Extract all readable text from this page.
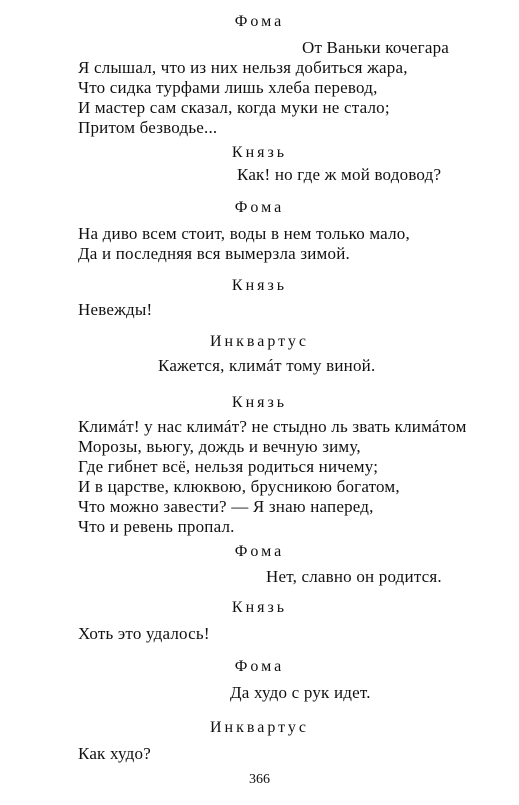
Фома
От Ваньки кочегара
Я слышал, что из них нельзя добиться жара,
Что сидка турфами лишь хлеба перевод,
И мастер сам сказал, когда муки не стало;
Притом безводье...
Князь
Как! но где ж мой водовод?
Фома
На диво всем стоит, воды в нем только мало,
Да и последняя вся вымерзла зимой.
Князь
Невежды!
Инквартус
Кажется, климáт тому виной.
Князь
Климáт! у нас климáт? не стыдно ль звать климáтом
Морозы, вьюгу, дождь и вечную зиму,
Где гибнет всё, нельзя родиться ничему;
И в царстве, клюквою, брусникою богатом,
Что можно завести? — Я знаю наперед,
Что и ревень пропал.
Фома
Нет, славно он родится.
Князь
Хоть это удалось!
Фома
Да худо с рук идет.
Инквартус
Как худо?
366
